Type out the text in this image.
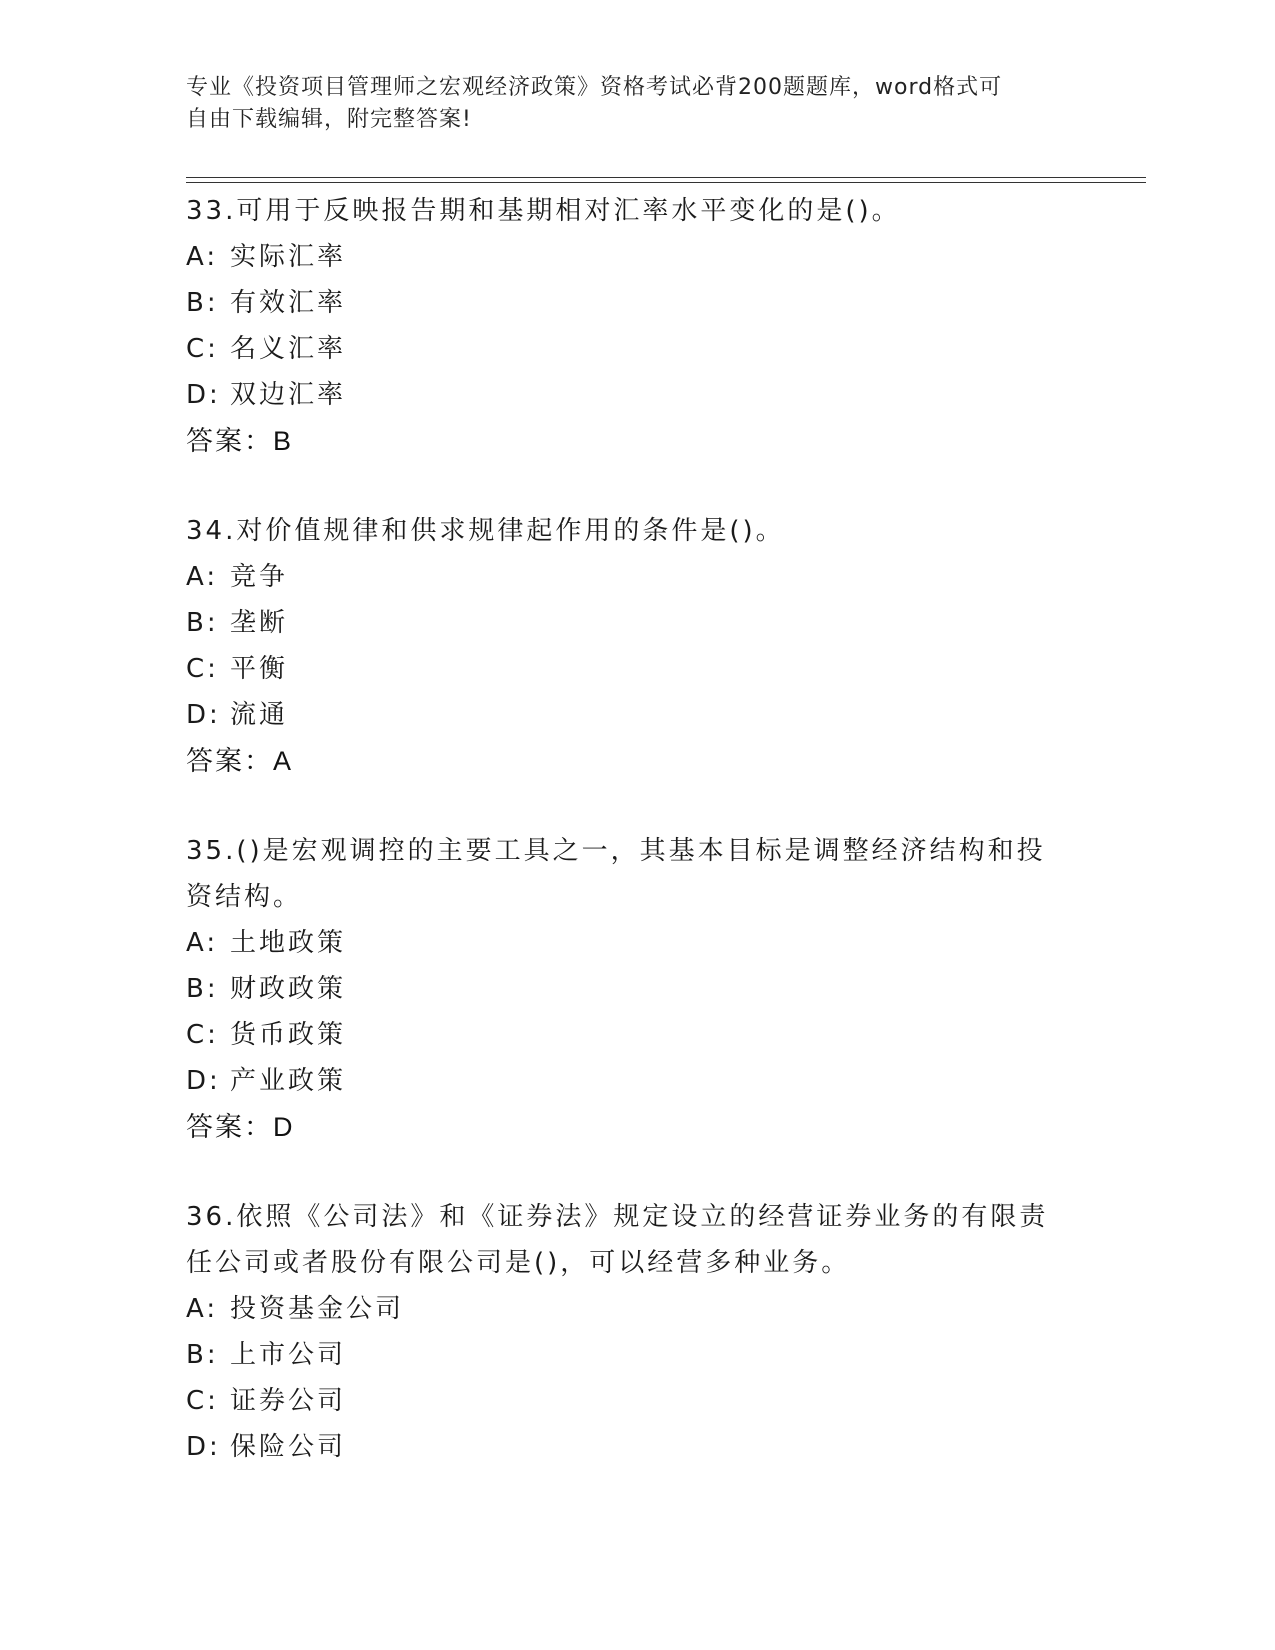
专业《投资项目管理师之宏观经济政策》资格考试必背200题题库，word格式可
自由下载编辑，附完整答案!
33.可用于反映报告期和基期相对汇率水平变化的是()。
A: 实际汇率
B: 有效汇率
C: 名义汇率
D: 双边汇率
答案：B
34.对价值规律和供求规律起作用的条件是()。
A: 竞争
B: 垄断
C: 平衡
D: 流通
答案：A
35.()是宏观调控的主要工具之一，其基本目标是调整经济结构和投资结构。
A: 土地政策
B: 财政政策
C: 货币政策
D: 产业政策
答案：D
36.依照《公司法》和《证券法》规定设立的经营证券业务的有限责任公司或者股份有限公司是()，可以经营多种业务。
A: 投资基金公司
B: 上市公司
C: 证券公司
D: 保险公司
